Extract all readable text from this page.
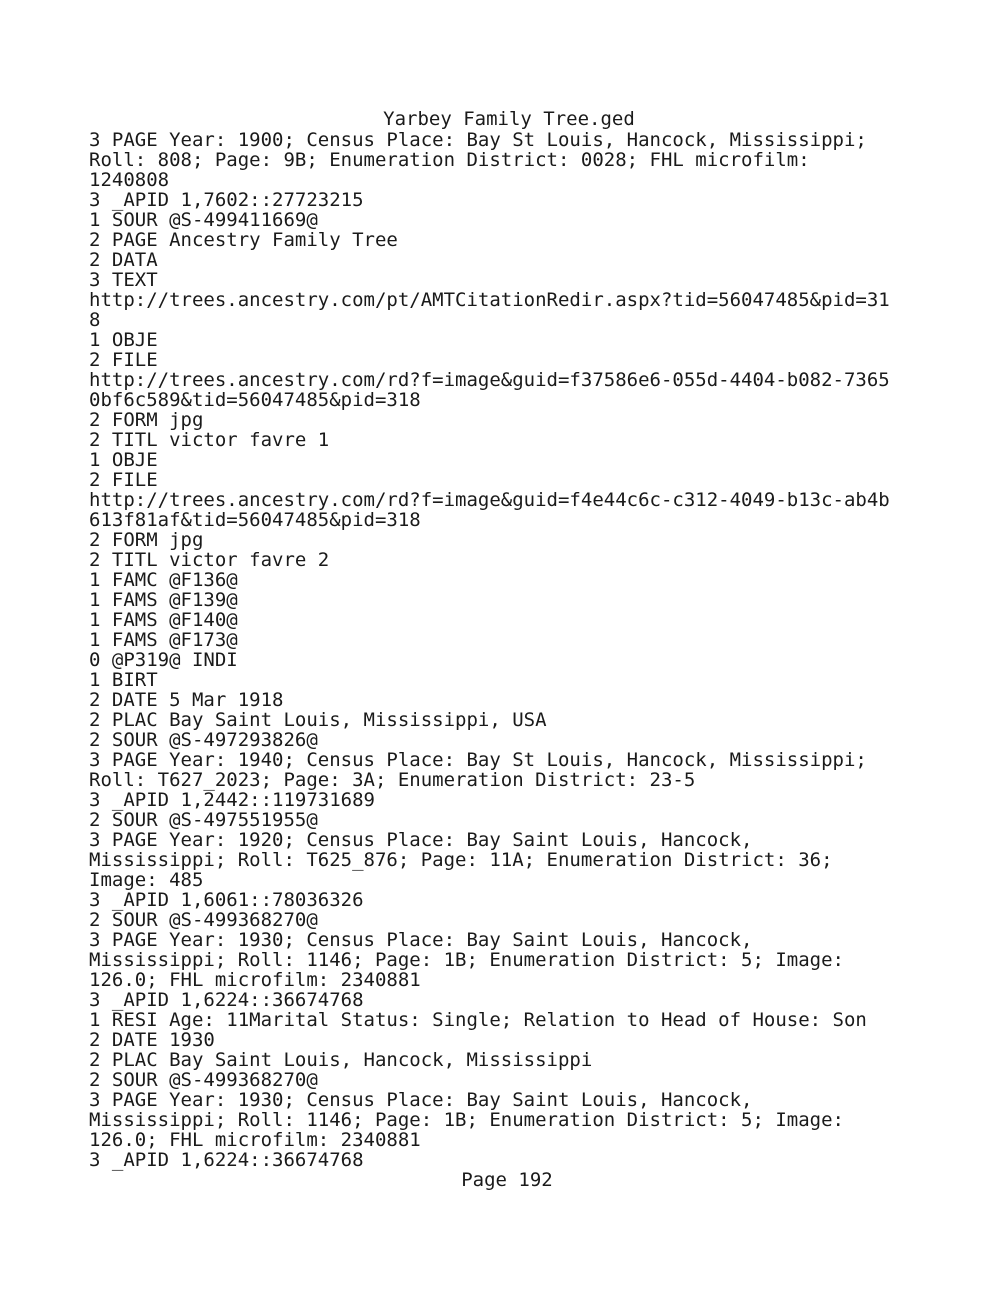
Yarbey Family Tree.ged
3 PAGE Year: 1900; Census Place: Bay St Louis, Hancock, Mississippi;
Roll: 808; Page: 9B; Enumeration District: 0028; FHL microfilm:
1240808
3 _APID 1,7602::27723215
1 SOUR @S-499411669@
2 PAGE Ancestry Family Tree
2 DATA
3 TEXT
http://trees.ancestry.com/pt/AMTCitationRedir.aspx?tid=56047485&pid=31
8
1 OBJE
2 FILE
http://trees.ancestry.com/rd?f=image&guid=f37586e6-055d-4404-b082-7365
0bf6c589&tid=56047485&pid=318
2 FORM jpg
2 TITL victor favre 1
1 OBJE
2 FILE
http://trees.ancestry.com/rd?f=image&guid=f4e44c6c-c312-4049-b13c-ab4b
613f81af&tid=56047485&pid=318
2 FORM jpg
2 TITL victor favre 2
1 FAMC @F136@
1 FAMS @F139@
1 FAMS @F140@
1 FAMS @F173@
0 @P319@ INDI
1 BIRT
2 DATE 5 Mar 1918
2 PLAC Bay Saint Louis, Mississippi, USA
2 SOUR @S-497293826@
3 PAGE Year: 1940; Census Place: Bay St Louis, Hancock, Mississippi;
Roll: T627_2023; Page: 3A; Enumeration District: 23-5
3 _APID 1,2442::119731689
2 SOUR @S-497551955@
3 PAGE Year: 1920; Census Place: Bay Saint Louis, Hancock,
Mississippi; Roll: T625_876; Page: 11A; Enumeration District: 36;
Image: 485
3 _APID 1,6061::78036326
2 SOUR @S-499368270@
3 PAGE Year: 1930; Census Place: Bay Saint Louis, Hancock,
Mississippi; Roll: 1146; Page: 1B; Enumeration District: 5; Image:
126.0; FHL microfilm: 2340881
3 _APID 1,6224::36674768
1 RESI Age: 11Marital Status: Single; Relation to Head of House: Son
2 DATE 1930
2 PLAC Bay Saint Louis, Hancock, Mississippi
2 SOUR @S-499368270@
3 PAGE Year: 1930; Census Place: Bay Saint Louis, Hancock,
Mississippi; Roll: 1146; Page: 1B; Enumeration District: 5; Image:
126.0; FHL microfilm: 2340881
3 _APID 1,6224::36674768
Page 192
